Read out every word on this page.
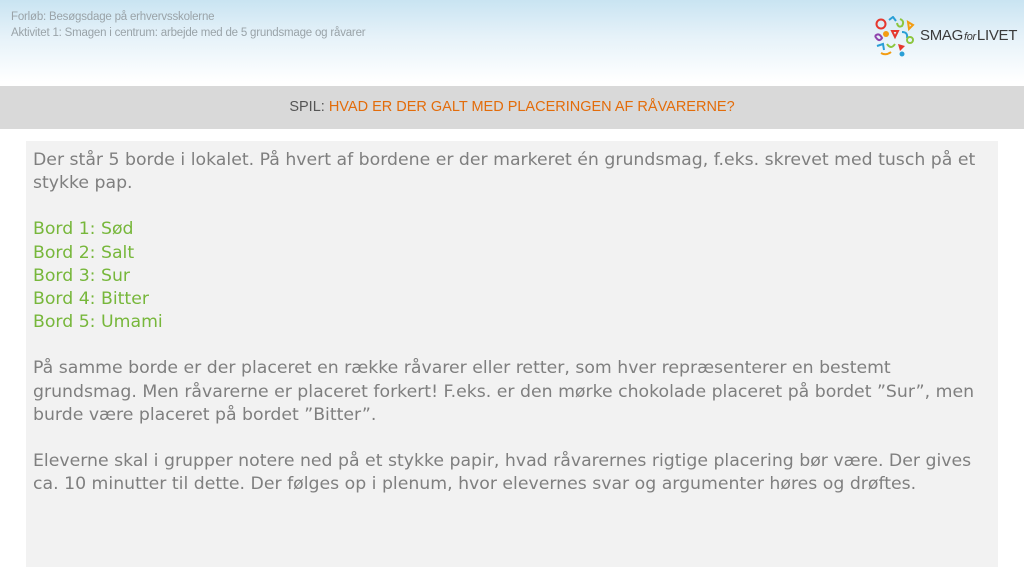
Forløb: Besøgsdage på erhvervsskolerne
Aktivitet 1: Smagen i centrum: arbejde med de 5 grundsmage og råvarer	SMAGforLIVET
SPIL: HVAD ER DER GALT MED PLACERINGEN AF RÅVARERNE?

Der står 5 borde i lokalet. På hvert af bordene er der markeret én grundsmag, f.eks. skrevet med tusch på et stykke pap.

Bord 1: Sød

Bord 2: Salt

Bord 3: Sur

Bord 4: Bitter

Bord 5: Umami

På samme borde er der placeret en række råvarer eller retter, som hver repræsenterer en bestemt grundsmag. Men råvarerne er placeret forkert! F.eks. er den mørke chokolade placeret på bordet ”Sur”, men burde være placeret på bordet ”Bitter”.

Eleverne skal i grupper notere ned på et stykke papir, hvad råvarernes rigtige placering bør være. Der gives ca. 10 minutter til dette. Der følges op i plenum, hvor elevernes svar og argumenter høres og drøftes.
